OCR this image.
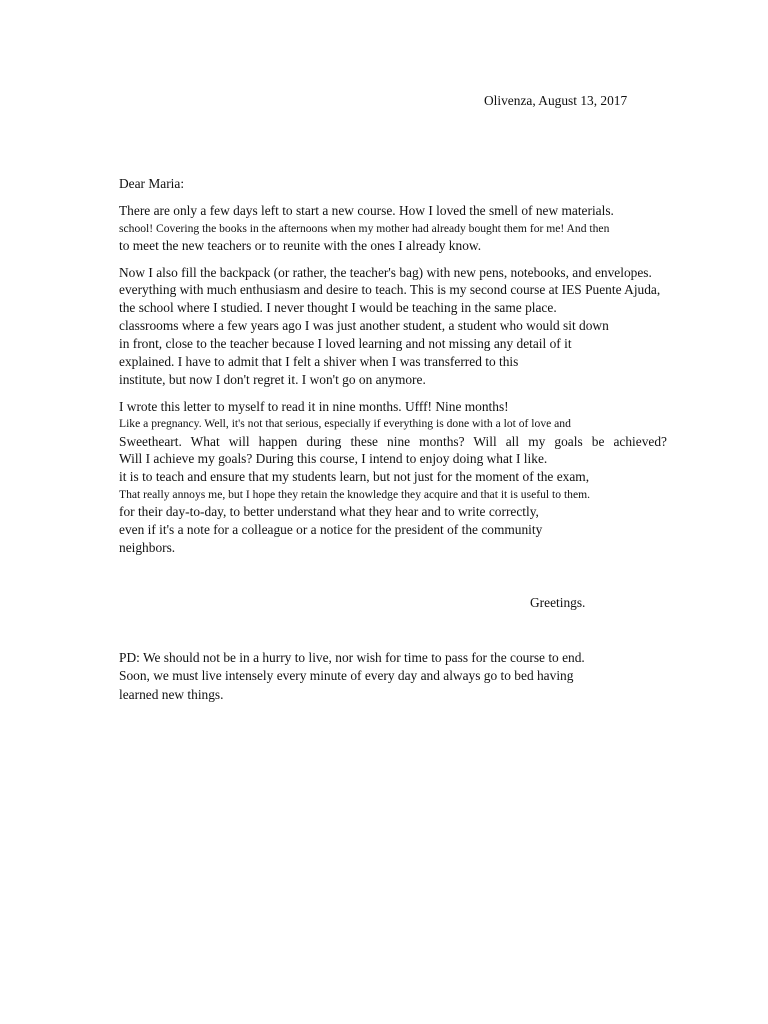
Olivenza, August 13, 2017
Dear Maria:
There are only a few days left to start a new course. How I loved the smell of new materials.
school! Covering the books in the afternoons when my mother had already bought them for me! And then
to meet the new teachers or to reunite with the ones I already know.
Now I also fill the backpack (or rather, the teacher's bag) with new pens, notebooks, and envelopes.
everything with much enthusiasm and desire to teach. This is my second course at IES Puente Ajuda,
the school where I studied. I never thought I would be teaching in the same place.
classrooms where a few years ago I was just another student, a student who would sit down
in front, close to the teacher because I loved learning and not missing any detail of it
explained. I have to admit that I felt a shiver when I was transferred to this
institute, but now I don't regret it. I won't go on anymore.
I wrote this letter to myself to read it in nine months. Ufff! Nine months!
Like a pregnancy. Well, it's not that serious, especially if everything is done with a lot of love and
Sweetheart. What will happen during these nine months? Will all my goals be achieved?
Will I achieve my goals? During this course, I intend to enjoy doing what I like.
it is to teach and ensure that my students learn, but not just for the moment of the exam,
That really annoys me, but I hope they retain the knowledge they acquire and that it is useful to them.
for their day-to-day, to better understand what they hear and to write correctly,
even if it's a note for a colleague or a notice for the president of the community
neighbors.
Greetings.
PD: We should not be in a hurry to live, nor wish for time to pass for the course to end.
Soon, we must live intensely every minute of every day and always go to bed having
learned new things.
